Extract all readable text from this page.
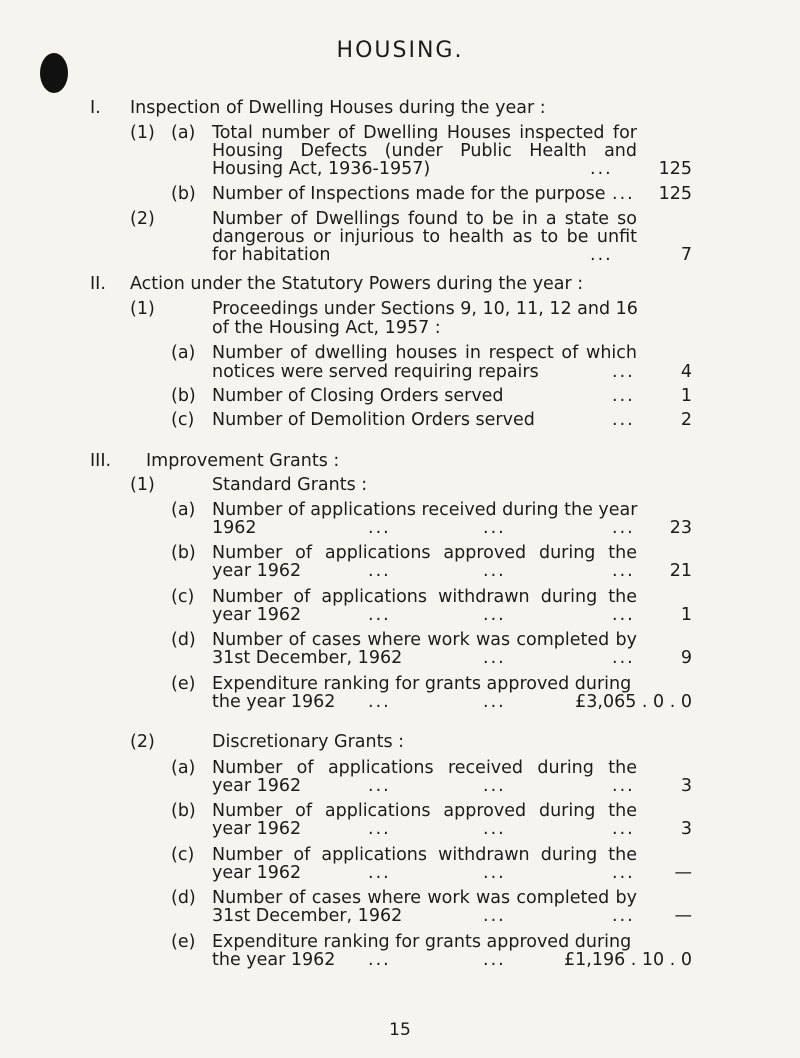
HOUSING.
I. Inspection of Dwelling Houses during the year :
(1) (a) Total number of Dwelling Houses inspected for
Housing Defects (under Public Health and
Housing Act, 1936-1957)	...	125
(b) Number of Inspections made for the purpose ... 125
(2)	Number of Dwellings found to be in a state so
dangerous or injurious to health as to be unfit
for habitation	...	7
II. Action under the Statutory Powers during the year :
(1)	Proceedings under Sections 9, 10, 11, 12 and 16
of the Housing Act, 1957 :
(a) Number of dwelling houses in respect of which
notices were served requiring repairs	...	4
(b) Number of Closing Orders served	...	1
(c) Number of Demolition Orders served	...	2
III. Improvement Grants :
(1)	Standard Grants :
(a) Number of applications received during the year
1962	...	...	... 23
(b) Number of applications approved during the
year 1962	...	...	... 21
(c) Number of applications withdrawn during the
year 1962	...	...	...	1
(d) Number of cases where work was completed by
31st December, 1962	...	...	9
(e) Expenditure ranking for grants approved during
the year 1962 ...	...	£3,065 . 0 . 0
(2)	Discretionary Grants :
(a) Number of applications received during the
year 1962	...	...	...	3
(b) Number of applications approved during the
year 1962	...	...	...	3
(c) Number of applications withdrawn during the
year 1962	...	...	... —
(d) Number of cases where work was completed by
31st December, 1962	...	... —
(e) Expenditure ranking for grants approved during
the year 1962 ...	...	£1,196 . 10 . 0
15
